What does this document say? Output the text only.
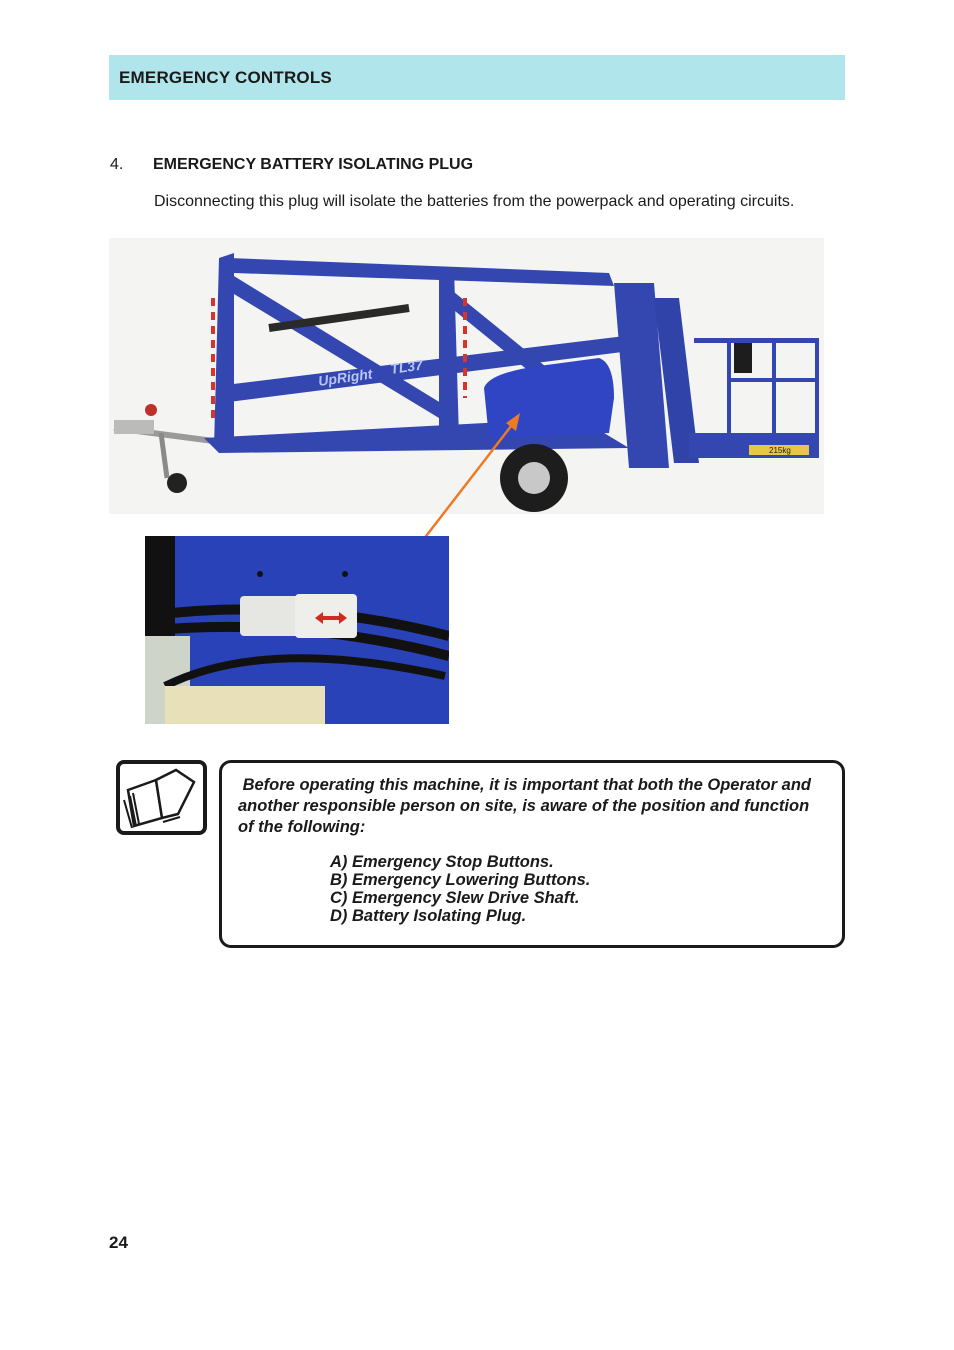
EMERGENCY CONTROLS
4. EMERGENCY BATTERY ISOLATING PLUG

Disconnecting this plug will isolate the batteries from the powerpack and operating circuits.

UpRight TL37
215kg
Before operating this machine, it is important that both the Operator and another responsible person on site, is aware of the position and function of the following:
A) Emergency Stop Buttons.
B) Emergency Lowering Buttons.
C) Emergency Slew Drive Shaft.
D) Battery Isolating Plug.
24
